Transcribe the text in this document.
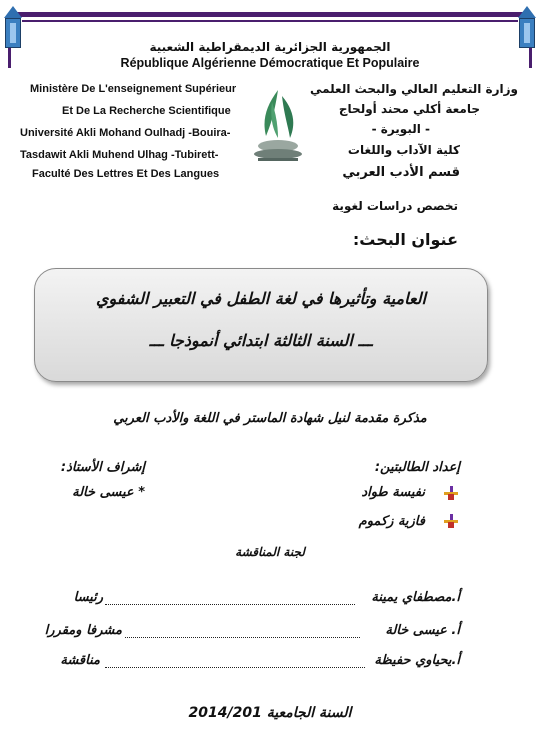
الجمهورية الجزائرية الديمقراطية الشعبية
République Algérienne Démocratique Et Populaire
Ministère De L'enseignement Supérieur
Et De La Recherche Scientifique
Université Akli Mohand Oulhadj -Bouira-
Tasdawit Akli Muhend Ulhag -Tubirett-
Faculté Des Lettres Et Des Langues
وزارة التعليم العالي والبحث العلمي
جامعة أكلي محند أولحاج
- البويرة -
كلية الآداب واللغات
قسم الأدب العربي
تخصص دراسات لغوية
عنوان البحث:
العامية وتأثيرها في لغة الطفل في التعبير الشفوي
ـــ السنة الثالثة ابتدائي أنموذجا ـــ
مذكرة مقدمة لنيل شهادة الماستر في اللغة والأدب العربي
إعداد الطالبتين:
إشراف الأستاذ:
نفيسة طواد
* عيسى خالة
فازية زكموم
لجنة المناقشة
أ.مصطفاي يمينة
رئيسا
أ. عيسى خالة
مشرفا ومقررا
أ.يحياوي حفيظة
مناقشة
السنة الجامعية 2014/201
